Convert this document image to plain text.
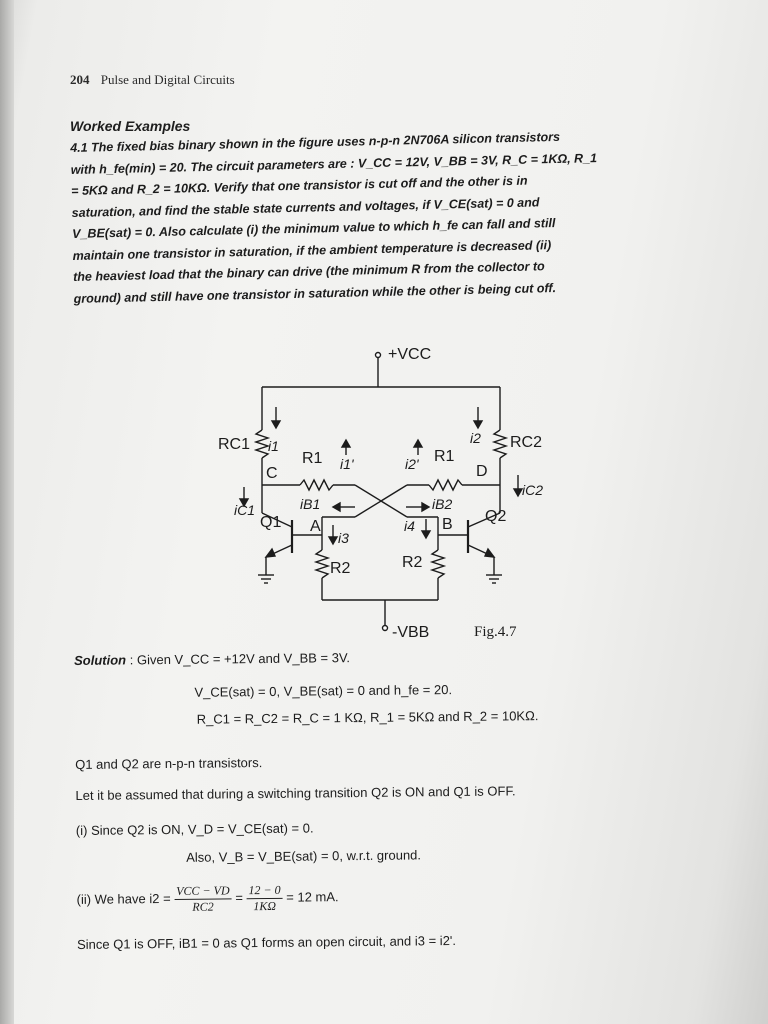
204 Pulse and Digital Circuits
Worked Examples
4.1 The fixed bias binary shown in the figure uses n-p-n 2N706A silicon transistors
with h_fe(min) = 20. The circuit parameters are : V_CC = 12V, V_BB = 3V, R_C = 1KΩ, R_1
= 5KΩ and R_2 = 10KΩ. Verify that one transistor is cut off and the other is in
saturation, and find the stable state currents and voltages, if V_CE(sat) = 0 and
V_BE(sat) = 0. Also calculate (i) the minimum value to which h_fe can fall and still
maintain one transistor in saturation, if the ambient temperature is decreased (ii)
the heaviest load that the binary can drive (the minimum R from the collector to
ground) and still have one transistor in saturation while the other is being cut off.
+VCC
-VBB
RC1	RC2
R1	R1
R2	R2
Q1	Q2
A	B
C	D
i1	i2
i1'	i2'
iC1
iC2
iB1	iB2
i3
i4
Fig.4.7
Solution : Given V_CC = +12V and V_BB = 3V.
V_CE(sat) = 0, V_BE(sat) = 0 and h_fe = 20.
R_C1 = R_C2 = R_C = 1 KΩ, R_1 = 5KΩ and R_2 = 10KΩ.
Q1 and Q2 are n-p-n transistors.
Let it be assumed that during a switching transition Q2 is ON and Q1 is OFF.
(i) Since Q2 is ON, V_D = V_CE(sat) = 0.
Also, V_B = V_BE(sat) = 0, w.r.t. ground.
(ii) We have $i2 = \frac{\text{VCC − VD}}{RC2} = \frac{12 - 0}{1K\Omega} = 12$ mA.
Since Q1 is OFF, iB1 = 0 as Q1 forms an open circuit, and i3 = i2'.
